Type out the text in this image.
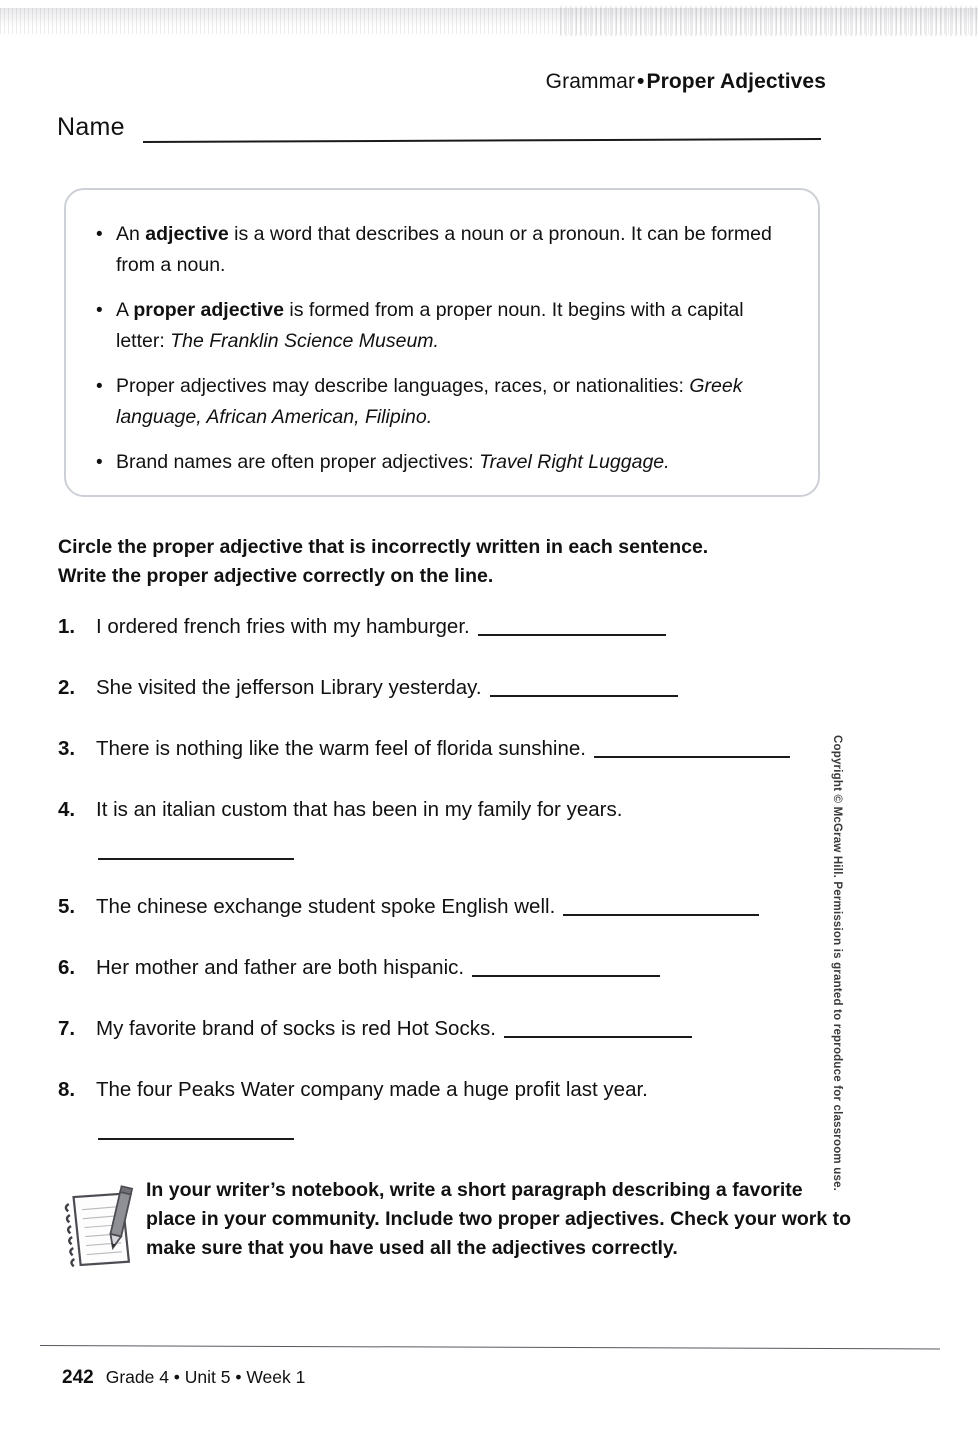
Grammar•Proper Adjectives
Name
• An adjective is a word that describes a noun or a pronoun. It can be formed from a noun.
• A proper adjective is formed from a proper noun. It begins with a capital letter: The Franklin Science Museum.
• Proper adjectives may describe languages, races, or nationalities: Greek language, African American, Filipino.
• Brand names are often proper adjectives: Travel Right Luggage.
Circle the proper adjective that is incorrectly written in each sentence.
Write the proper adjective correctly on the line.
1. I ordered french fries with my hamburger.
2. She visited the jefferson Library yesterday.
3. There is nothing like the warm feel of florida sunshine.
4. It is an italian custom that has been in my family for years.
5. The chinese exchange student spoke English well.
6. Her mother and father are both hispanic.
7. My favorite brand of socks is red Hot Socks.
8. The four Peaks Water company made a huge profit last year.
In your writer’s notebook, write a short paragraph describing a favorite place in your community. Include two proper adjectives. Check your work to make sure that you have used all the adjectives correctly.
Copyright © McGraw Hill. Permission is granted to reproduce for classroom use.
242 Grade 4 • Unit 5 • Week 1
